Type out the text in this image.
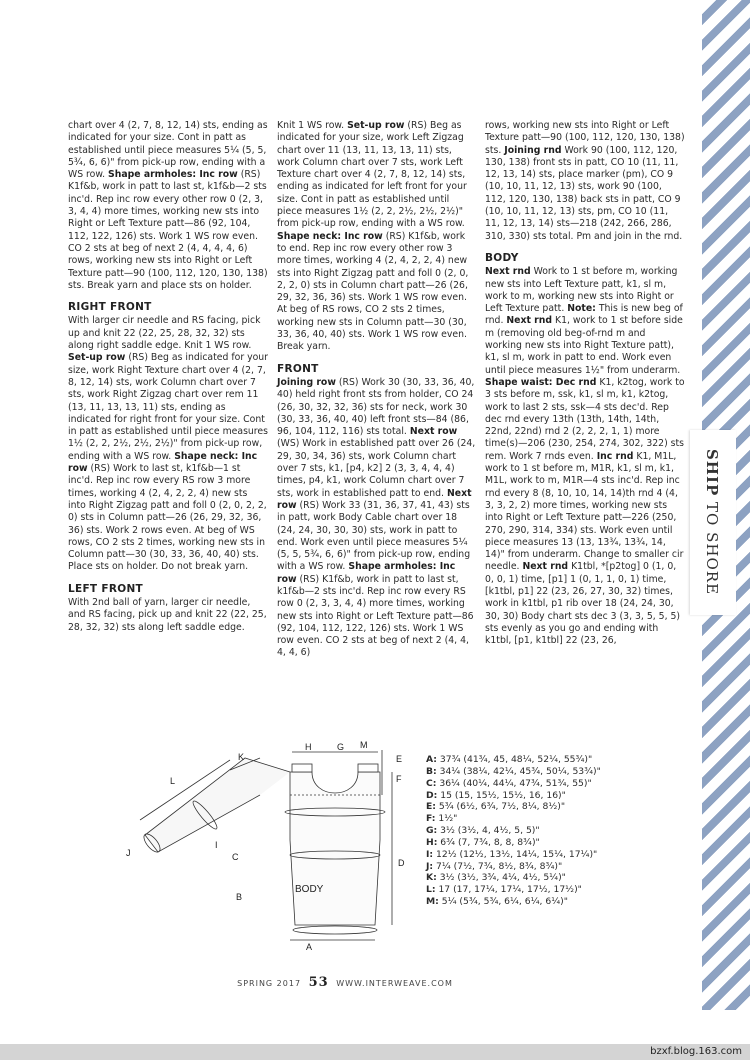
SHIP TO SHORE

chart over 4 (2, 7, 8, 12, 14) sts, ending as indicated for your size. Cont in patt as established until piece measures 5¼ (5, 5, 5¾, 6, 6)" from pick-up row, ending with a WS row. Shape armholes: Inc row (RS) K1f&b, work in patt to last st, k1f&b—2 sts inc'd. Rep inc row every other row 0 (2, 3, 3, 4, 4) more times, working new sts into Right or Left Texture patt—86 (92, 104, 112, 122, 126) sts. Work 1 WS row even. CO 2 sts at beg of next 2 (4, 4, 4, 4, 6) rows, working new sts into Right or Left Texture patt—90 (100, 112, 120, 130, 138) sts. Break yarn and place sts on holder.

RIGHT FRONT

With larger cir needle and RS facing, pick up and knit 22 (22, 25, 28, 32, 32) sts along right saddle edge. Knit 1 WS row. Set-up row (RS) Beg as indicated for your size, work Right Texture chart over 4 (2, 7, 8, 12, 14) sts, work Column chart over 7 sts, work Right Zigzag chart over rem 11 (13, 11, 13, 13, 11) sts, ending as indicated for right front for your size. Cont in patt as established until piece measures 1½ (2, 2, 2½, 2½, 2½)" from pick-up row, ending with a WS row. Shape neck: Inc row (RS) Work to last st, k1f&b—1 st inc'd. Rep inc row every RS row 3 more times, working 4 (2, 4, 2, 2, 4) new sts into Right Zigzag patt and foll 0 (2, 0, 2, 2, 0) sts in Column patt—26 (26, 29, 32, 36, 36) sts. Work 2 rows even. At beg of WS rows, CO 2 sts 2 times, working new sts in Column patt—30 (30, 33, 36, 40, 40) sts. Place sts on holder. Do not break yarn.

LEFT FRONT

With 2nd ball of yarn, larger cir needle, and RS facing, pick up and knit 22 (22, 25, 28, 32, 32) sts along left saddle edge.

Knit 1 WS row. Set-up row (RS) Beg as indicated for your size, work Left Zigzag chart over 11 (13, 11, 13, 13, 11) sts, work Column chart over 7 sts, work Left Texture chart over 4 (2, 7, 8, 12, 14) sts, ending as indicated for left front for your size. Cont in patt as established until piece measures 1½ (2, 2, 2½, 2½, 2½)" from pick-up row, ending with a WS row. Shape neck: Inc row (RS) K1f&b, work to end. Rep inc row every other row 3 more times, working 4 (2, 4, 2, 2, 4) new sts into Right Zigzag patt and foll 0 (2, 0, 2, 2, 0) sts in Column chart patt—26 (26, 29, 32, 36, 36) sts. Work 1 WS row even. At beg of RS rows, CO 2 sts 2 times, working new sts in Column patt—30 (30, 33, 36, 40, 40) sts. Work 1 WS row even. Break yarn.

FRONT

Joining row (RS) Work 30 (30, 33, 36, 40, 40) held right front sts from holder, CO 24 (26, 30, 32, 32, 36) sts for neck, work 30 (30, 33, 36, 40, 40) left front sts—84 (86, 96, 104, 112, 116) sts total. Next row (WS) Work in established patt over 26 (24, 29, 30, 34, 36) sts, work Column chart over 7 sts, k1, [p4, k2] 2 (3, 3, 4, 4, 4) times, p4, k1, work Column chart over 7 sts, work in established patt to end. Next row (RS) Work 33 (31, 36, 37, 41, 43) sts in patt, work Body Cable chart over 18 (24, 24, 30, 30, 30) sts, work in patt to end. Work even until piece measures 5¼ (5, 5, 5¾, 6, 6)" from pick-up row, ending with a WS row. Shape armholes: Inc row (RS) K1f&b, work in patt to last st, k1f&b—2 sts inc'd. Rep inc row every RS row 0 (2, 3, 3, 4, 4) more times, working new sts into Right or Left Texture patt—86 (92, 104, 112, 122, 126) sts. Work 1 WS row even. CO 2 sts at beg of next 2 (4, 4, 4, 4, 6)

rows, working new sts into Right or Left Texture patt—90 (100, 112, 120, 130, 138) sts. Joining rnd Work 90 (100, 112, 120, 130, 138) front sts in patt, CO 10 (11, 11, 12, 13, 14) sts, place marker (pm), CO 9 (10, 10, 11, 12, 13) sts, work 90 (100, 112, 120, 130, 138) back sts in patt, CO 9 (10, 10, 11, 12, 13) sts, pm, CO 10 (11, 11, 12, 13, 14) sts—218 (242, 266, 286, 310, 330) sts total. Pm and join in the rnd.

BODY

Next rnd Work to 1 st before m, working new sts into Left Texture patt, k1, sl m, work to m, working new sts into Right or Left Texture patt. Note: This is new beg of rnd. Next rnd K1, work to 1 st before side m (removing old beg-of-rnd m and working new sts into Right Texture patt), k1, sl m, work in patt to end. Work even until piece measures 1½" from underarm. Shape waist: Dec rnd K1, k2tog, work to 3 sts before m, ssk, k1, sl m, k1, k2tog, work to last 2 sts, ssk—4 sts dec'd. Rep dec rnd every 13th (13th, 14th, 14th, 22nd, 22nd) rnd 2 (2, 2, 2, 1, 1) more time(s)—206 (230, 254, 274, 302, 322) sts rem. Work 7 rnds even. Inc rnd K1, M1L, work to 1 st before m, M1R, k1, sl m, k1, M1L, work to m, M1R—4 sts inc'd. Rep inc rnd every 8 (8, 10, 10, 14, 14)th rnd 4 (4, 3, 3, 2, 2) more times, working new sts into Right or Left Texture patt—226 (250, 270, 290, 314, 334) sts. Work even until piece measures 13 (13, 13¾, 13¾, 14, 14)" from underarm. Change to smaller cir needle. Next rnd K1tbl, *[p2tog] 0 (1, 0, 0, 0, 1) time, [p1] 1 (0, 1, 1, 0, 1) time, [k1tbl, p1] 22 (23, 26, 27, 30, 32) times, work in k1tbl, p1 rib over 18 (24, 24, 30, 30, 30) Body chart sts dec 3 (3, 3, 5, 5, 5) sts evenly as you go and ending with k1tbl, [p1, k1tbl] 22 (23, 26,

H	G M
E
F
K
L
I
J	C
D
B
A
BODY
A: 37¾ (41¾, 45, 48¼, 52¼, 55¾)"
B: 34¼ (38¼, 42¼, 45¾, 50¼, 53¾)"
C: 36¼ (40¼, 44¼, 47¾, 51¾, 55)"
D: 15 (15, 15½, 15½, 16, 16)"
E: 5¾ (6½, 6¾, 7½, 8¼, 8½)"
F: 1½"
G: 3½ (3½, 4, 4½, 5, 5)"
H: 6¾ (7, 7¾, 8, 8, 8¾)"
I: 12½ (12½, 13½, 14¼, 15¼, 17¼)"
J: 7¼ (7½, 7¾, 8½, 8¾, 8¾)"
K: 3½ (3½, 3¾, 4¼, 4½, 5¼)"
L: 17 (17, 17¼, 17¼, 17½, 17½)"
M: 5¼ (5¾, 5¾, 6¼, 6¼, 6¼)"
SPRING 2017 53 WWW.INTERWEAVE.COM
bzxf.blog.163.com
